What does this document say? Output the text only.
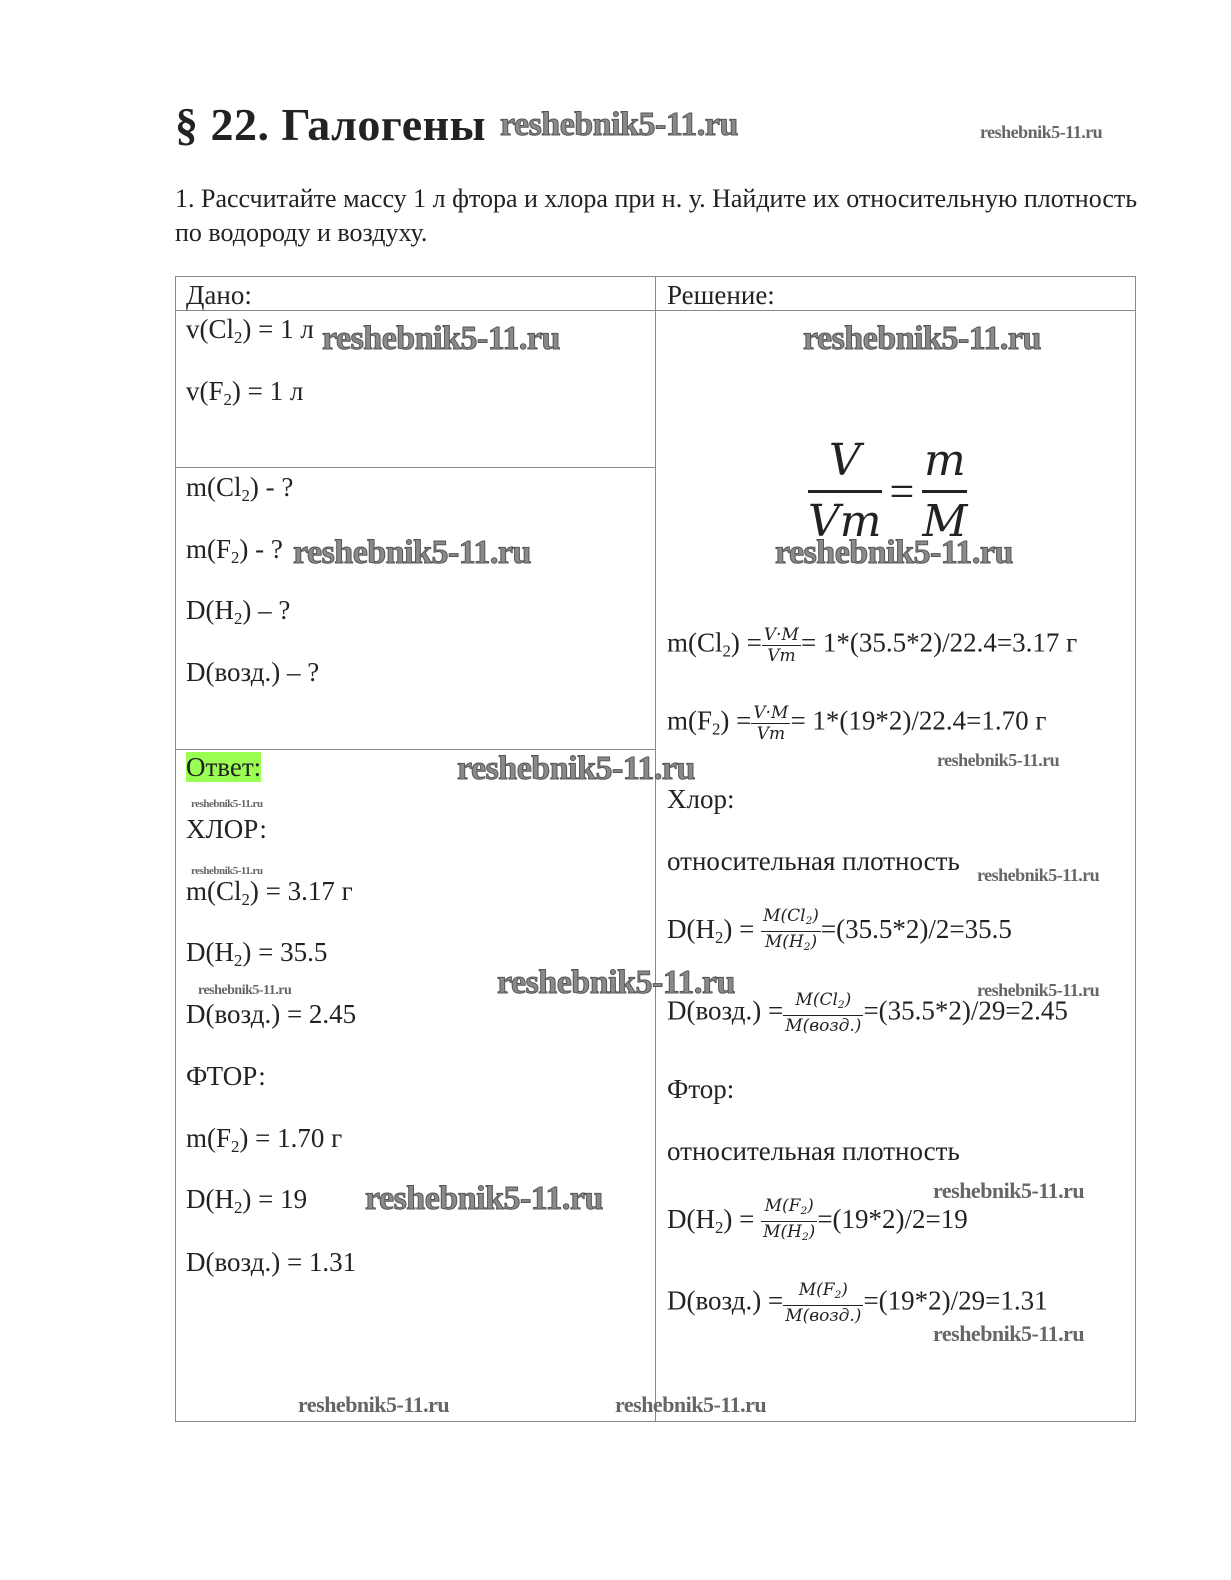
§ 22. Галогены reshebnik5-11.ru	reshebnik5-11.ru
1. Рассчитайте массу 1 л фтора и хлора при н. у. Найдите их относительную плотность по водороду и воздуху.
Дано:
$v(Cl_2) = 1$ л reshebnik5-11.ru
$v(F_2) = 1$ л
$m(Cl_2)$ - ?
$m(F_2)$ - ? reshebnik5-11.ru
$D(H_2)$ – ?
D(возд.) – ?
Ответ:	reshebnik5-11.ru
reshebnik5-11.ru
ХЛОР:
reshebnik5-11.ru
$m(Cl_2) = 3.17$ г
$D(H_2) = 35.5$
reshebnik5-11.ru	reshebnik5-11.ru
D(возд.) = 2.45
ФТОР:
$m(F_2) = 1.70$ г
$D(H_2) = 19$ reshebnik5-11.ru
D(возд.) = 1.31
reshebnik5-11.ru
Решение:
reshebnik5-11.ru
$\frac{V}{Vm} = \frac{m}{M}$
reshebnik5-11.ru
$m(Cl_2) = \frac{V\cdot M}{Vm} = 1*(35.5*2)/22.4=3.17$ г
$m(F_2) = \frac{V\cdot M}{Vm} = 1*(19*2)/22.4=1.70$ г
reshebnik5-11.ru
Хлор:
относительная плотность reshebnik5-11.ru
$D(H_2) = \frac{M(Cl_2)}{M(H_2)} =(35.5*2)/2=35.5$
reshebnik5-11.ru
D(возд.) = $\frac{M(Cl_2)}{\text{M(возд.)}} =(35.5*2)/29=2.45$
Фтор:
относительная плотность
reshebnik5-11.ru
$D(H_2) = \frac{M(F_2)}{M(H_2)} =(19*2)/2=19$
D(возд.) = $\frac{M(F_2)}{\text{M(возд.)}} =(19*2)/29=1.31$
reshebnik5-11.ru
reshebnik5-11.ru
